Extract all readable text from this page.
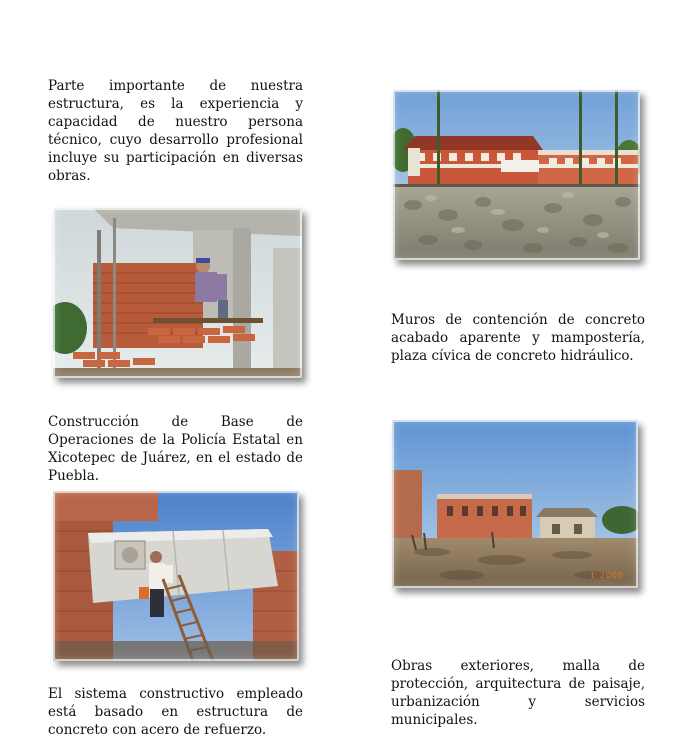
Parte importante de nuestra estructura, es la experiencia y capacidad de nuestro persona técnico, cuyo desarrollo profesional incluye su participación en diversas obras.

Muros de contención de concreto acabado aparente y mampostería, plaza cívica de concreto hidráulico.

Construcción de Base de Operaciones de la Policía Estatal en Xicotepec de Juárez, en el estado de Puebla.

Obras exteriores, malla de protección, arquitectura de paisaje, urbanización y servicios municipales.

El sistema constructivo empleado está basado en estructura de concreto con acero de refuerzo.

1 2005
